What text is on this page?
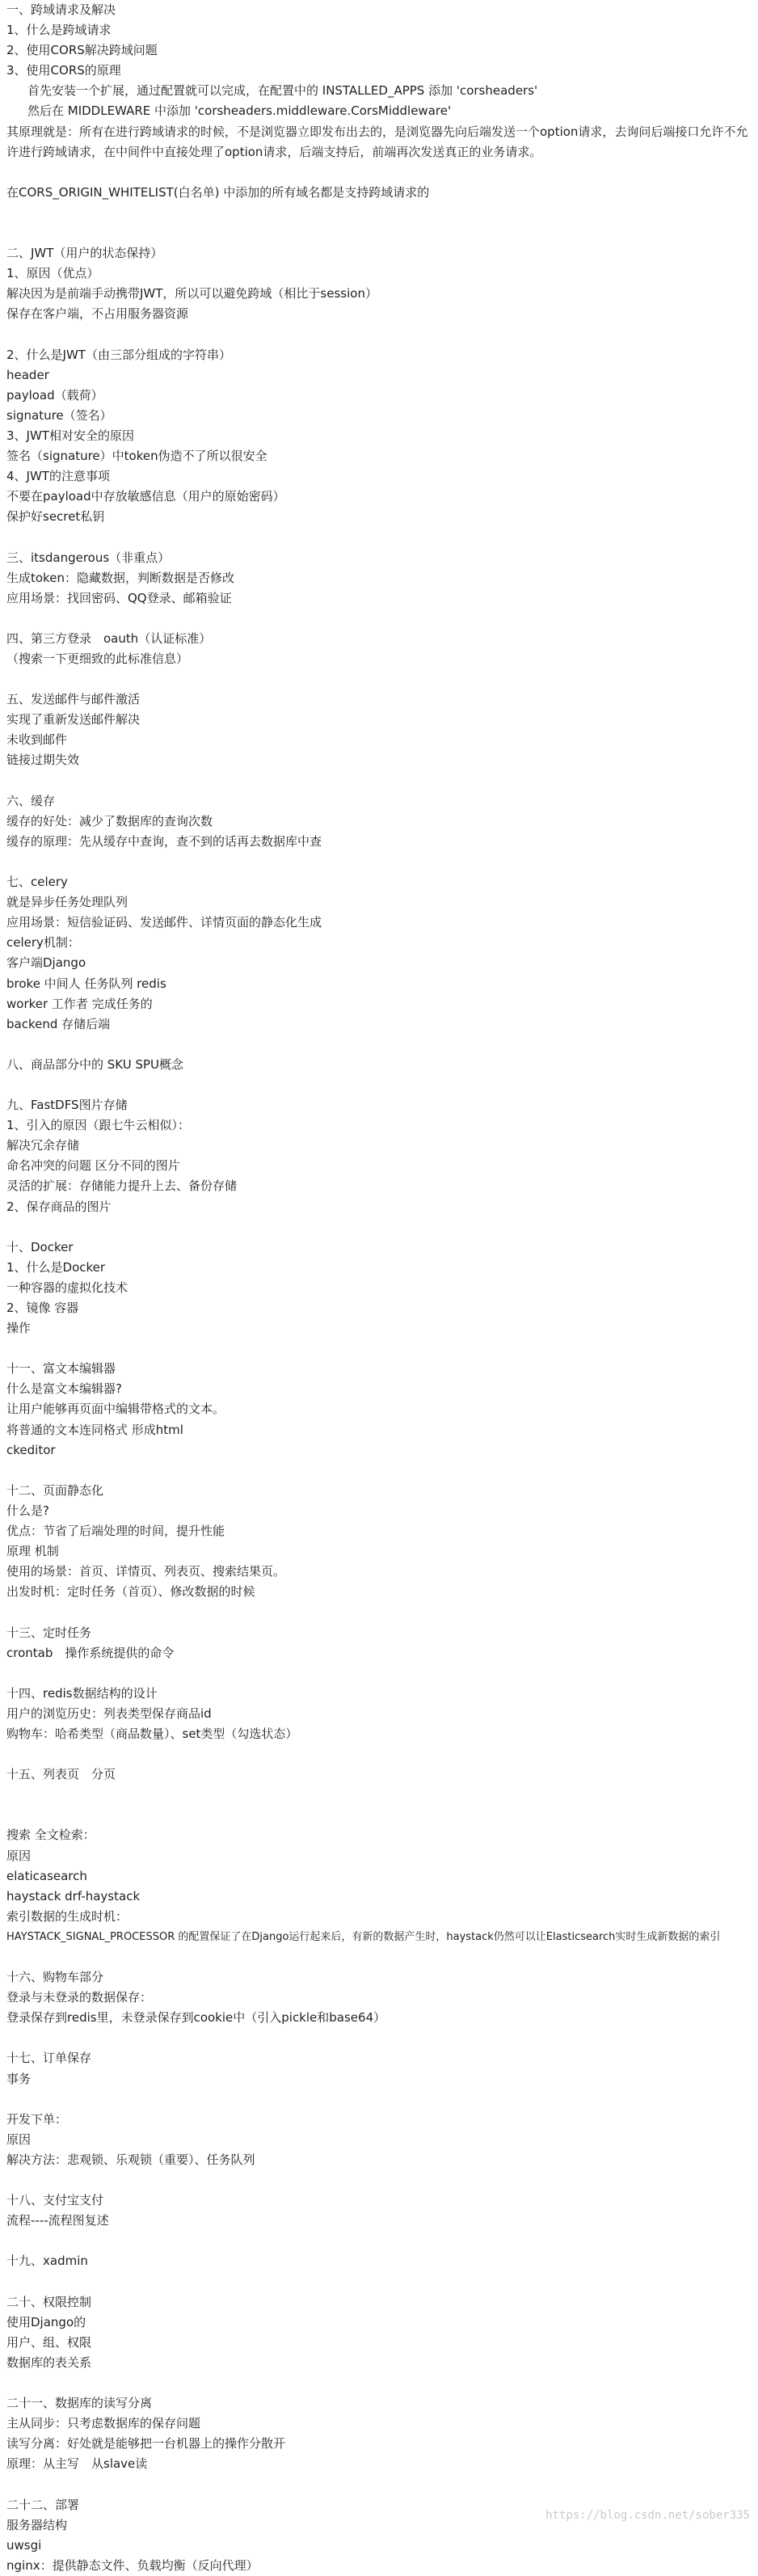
一、跨域请求及解决
1、什么是跨域请求
2、使用CORS解决跨域问题
3、使用CORS的原理
首先安装一个扩展，通过配置就可以完成，在配置中的 INSTALLED_APPS 添加 'corsheaders'
然后在 MIDDLEWARE 中添加 'corsheaders.middleware.CorsMiddleware'
其原理就是：所有在进行跨域请求的时候，不是浏览器立即发布出去的，是浏览器先向后端发送一个option请求，去询问后端接口允许不允许进行跨域请求，在中间件中直接处理了option请求，后端支持后，前端再次发送真正的业务请求。

在CORS_ORIGIN_WHITELIST(白名单) 中添加的所有域名都是支持跨域请求的

二、JWT（用户的状态保持）
1、原因（优点）
解决因为是前端手动携带JWT，所以可以避免跨域（相比于session）
保存在客户端，不占用服务器资源

2、什么是JWT（由三部分组成的字符串）
header
payload（载荷）
signature（签名）
3、JWT相对安全的原因
签名（signature）中token伪造不了所以很安全
4、JWT的注意事项
不要在payload中存放敏感信息（用户的原始密码）
保护好secret私钥

三、itsdangerous（非重点）
生成token：隐藏数据，判断数据是否修改
应用场景：找回密码、QQ登录、邮箱验证

四、第三方登录　oauth（认证标准）
（搜索一下更细致的此标准信息）

五、发送邮件与邮件激活
实现了重新发送邮件解决
未收到邮件
链接过期失效

六、缓存
缓存的好处：减少了数据库的查询次数
缓存的原理：先从缓存中查询，查不到的话再去数据库中查

七、celery
就是异步任务处理队列
应用场景：短信验证码、发送邮件、详情页面的静态化生成
celery机制：
客户端Django
broke 中间人 任务队列 redis
worker 工作者 完成任务的
backend 存储后端

八、商品部分中的 SKU SPU概念

九、FastDFS图片存储
1、引入的原因（跟七牛云相似）：
解决冗余存储
命名冲突的问题 区分不同的图片
灵活的扩展：存储能力提升上去、备份存储
2、保存商品的图片

十、Docker
1、什么是Docker
一种容器的虚拟化技术
2、镜像 容器
操作

十一、富文本编辑器
什么是富文本编辑器?
让用户能够再页面中编辑带格式的文本。
将普通的文本连同格式 形成html
ckeditor

十二、页面静态化
什么是?
优点：节省了后端处理的时间，提升性能
原理 机制
使用的场景：首页、详情页、列表页、搜索结果页。
出发时机：定时任务（首页）、修改数据的时候

十三、定时任务
crontab　操作系统提供的命令

十四、redis数据结构的设计
用户的浏览历史：列表类型保存商品id
购物车：哈希类型（商品数量）、set类型（勾选状态）

十五、列表页　分页

搜索 全文检索：
原因
elaticasearch
haystack drf-haystack
索引数据的生成时机：
HAYSTACK_SIGNAL_PROCESSOR 的配置保证了在Django运行起来后，有新的数据产生时，haystack仍然可以让Elasticsearch实时生成新数据的索引

十六、购物车部分
登录与未登录的数据保存：
登录保存到redis里，未登录保存到cookie中（引入pickle和base64）

十七、订单保存
事务

开发下单：
原因
解决方法：悲观锁、乐观锁（重要）、任务队列

十八、支付宝支付
流程----流程图复述

十九、xadmin

二十、权限控制
使用Django的
用户、组、权限
数据库的表关系

二十一、数据库的读写分离
主从同步：只考虑数据库的保存问题
读写分离：好处就是能够把一台机器上的操作分散开
原理：从主写　从slave读

二十二、部署
服务器结构
uwsgi
nginx：提供静态文件、负载均衡（反向代理）
https://blog.csdn.net/sober335
